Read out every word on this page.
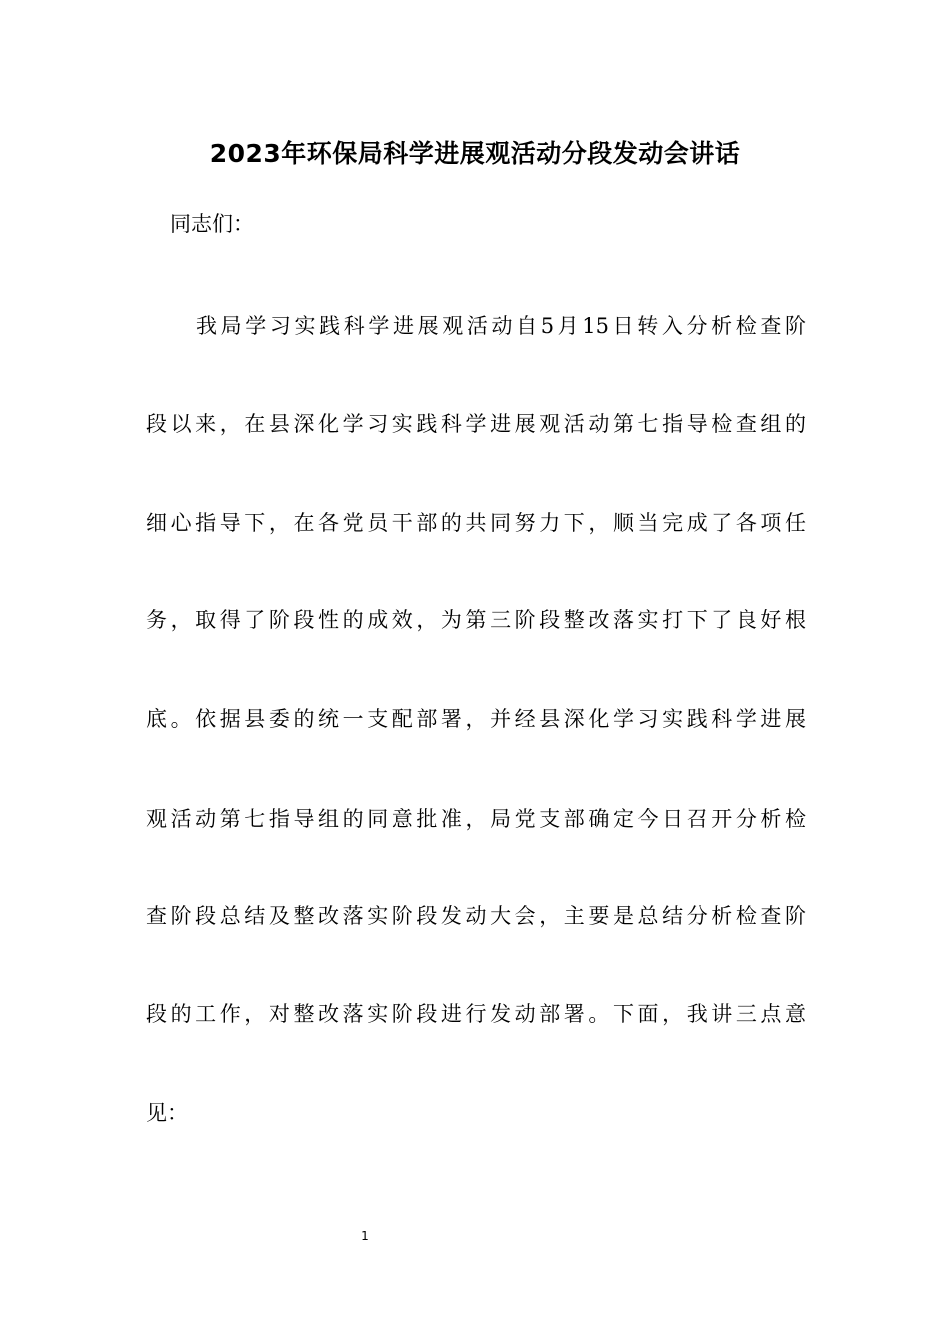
2023年环保局科学进展观活动分段发动会讲话
同志们：
我局学习实践科学进展观活动自5月15日转入分析检查阶
段以来，在县深化学习实践科学进展观活动第七指导检查组的
细心指导下，在各党员干部的共同努力下，顺当完成了各项任
务，取得了阶段性的成效，为第三阶段整改落实打下了良好根
底。依据县委的统一支配部署，并经县深化学习实践科学进展
观活动第七指导组的同意批准，局党支部确定今日召开分析检
查阶段总结及整改落实阶段发动大会，主要是总结分析检查阶
段的工作，对整改落实阶段进行发动部署。下面，我讲三点意
见：
1
